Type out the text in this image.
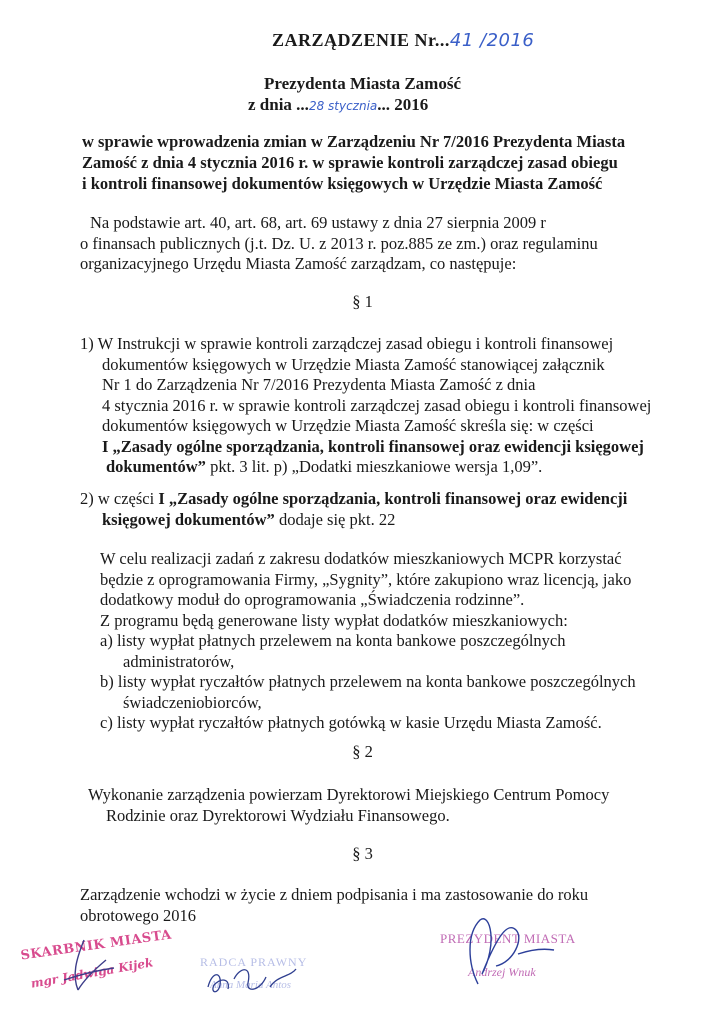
ZARZĄDZENIE Nr...41 /2016
Prezydenta Miasta Zamość
z dnia ...28 stycznia... 2016
w sprawie wprowadzenia zmian w Zarządzeniu Nr 7/2016 Prezydenta Miasta
Zamość z dnia 4 stycznia 2016 r. w sprawie kontroli zarządczej zasad obiegu
i kontroli finansowej dokumentów księgowych w Urzędzie Miasta Zamość
Na podstawie art. 40, art. 68, art. 69 ustawy z dnia 27 sierpnia 2009 r
o finansach publicznych (j.t. Dz. U. z 2013 r. poz.885 ze zm.) oraz regulaminu
organizacyjnego Urzędu Miasta Zamość zarządzam, co następuje:
§ 1
1) W Instrukcji w sprawie kontroli zarządczej zasad obiegu i kontroli finansowej
dokumentów księgowych w Urzędzie Miasta Zamość stanowiącej załącznik
Nr 1 do Zarządzenia Nr 7/2016 Prezydenta Miasta Zamość z dnia
4 stycznia 2016 r. w sprawie kontroli zarządczej zasad obiegu i kontroli finansowej
dokumentów księgowych w Urzędzie Miasta Zamość skreśla się: w części
I „Zasady ogólne sporządzania, kontroli finansowej oraz ewidencji księgowej
dokumentów” pkt. 3 lit. p) „Dodatki mieszkaniowe wersja 1,09”.
2) w części I „Zasady ogólne sporządzania, kontroli finansowej oraz ewidencji
księgowej dokumentów” dodaje się pkt. 22
W celu realizacji zadań z zakresu dodatków mieszkaniowych MCPR korzystać
będzie z oprogramowania Firmy, „Sygnity”, które zakupiono wraz licencją, jako
dodatkowy moduł do oprogramowania „Świadczenia rodzinne”.
Z programu będą generowane listy wypłat dodatków mieszkaniowych:
a) listy wypłat płatnych przelewem na konta bankowe poszczególnych
administratorów,
b) listy wypłat ryczałtów płatnych przelewem na konta bankowe poszczególnych
świadczeniobiorców,
c) listy wypłat ryczałtów płatnych gotówką w kasie Urzędu Miasta Zamość.
§ 2
Wykonanie zarządzenia powierzam Dyrektorowi Miejskiego Centrum Pomocy
Rodzinie oraz Dyrektorowi Wydziału Finansowego.
§ 3
Zarządzenie wchodzi w życie z dniem podpisania i ma zastosowanie do roku
obrotowego 2016
SKARBNIK MIASTA
mgr Jadwiga Kijek	RADCA PRAWNY
Anna Maria Antos
PREZYDENT MIASTA
Andrzej Wnuk
